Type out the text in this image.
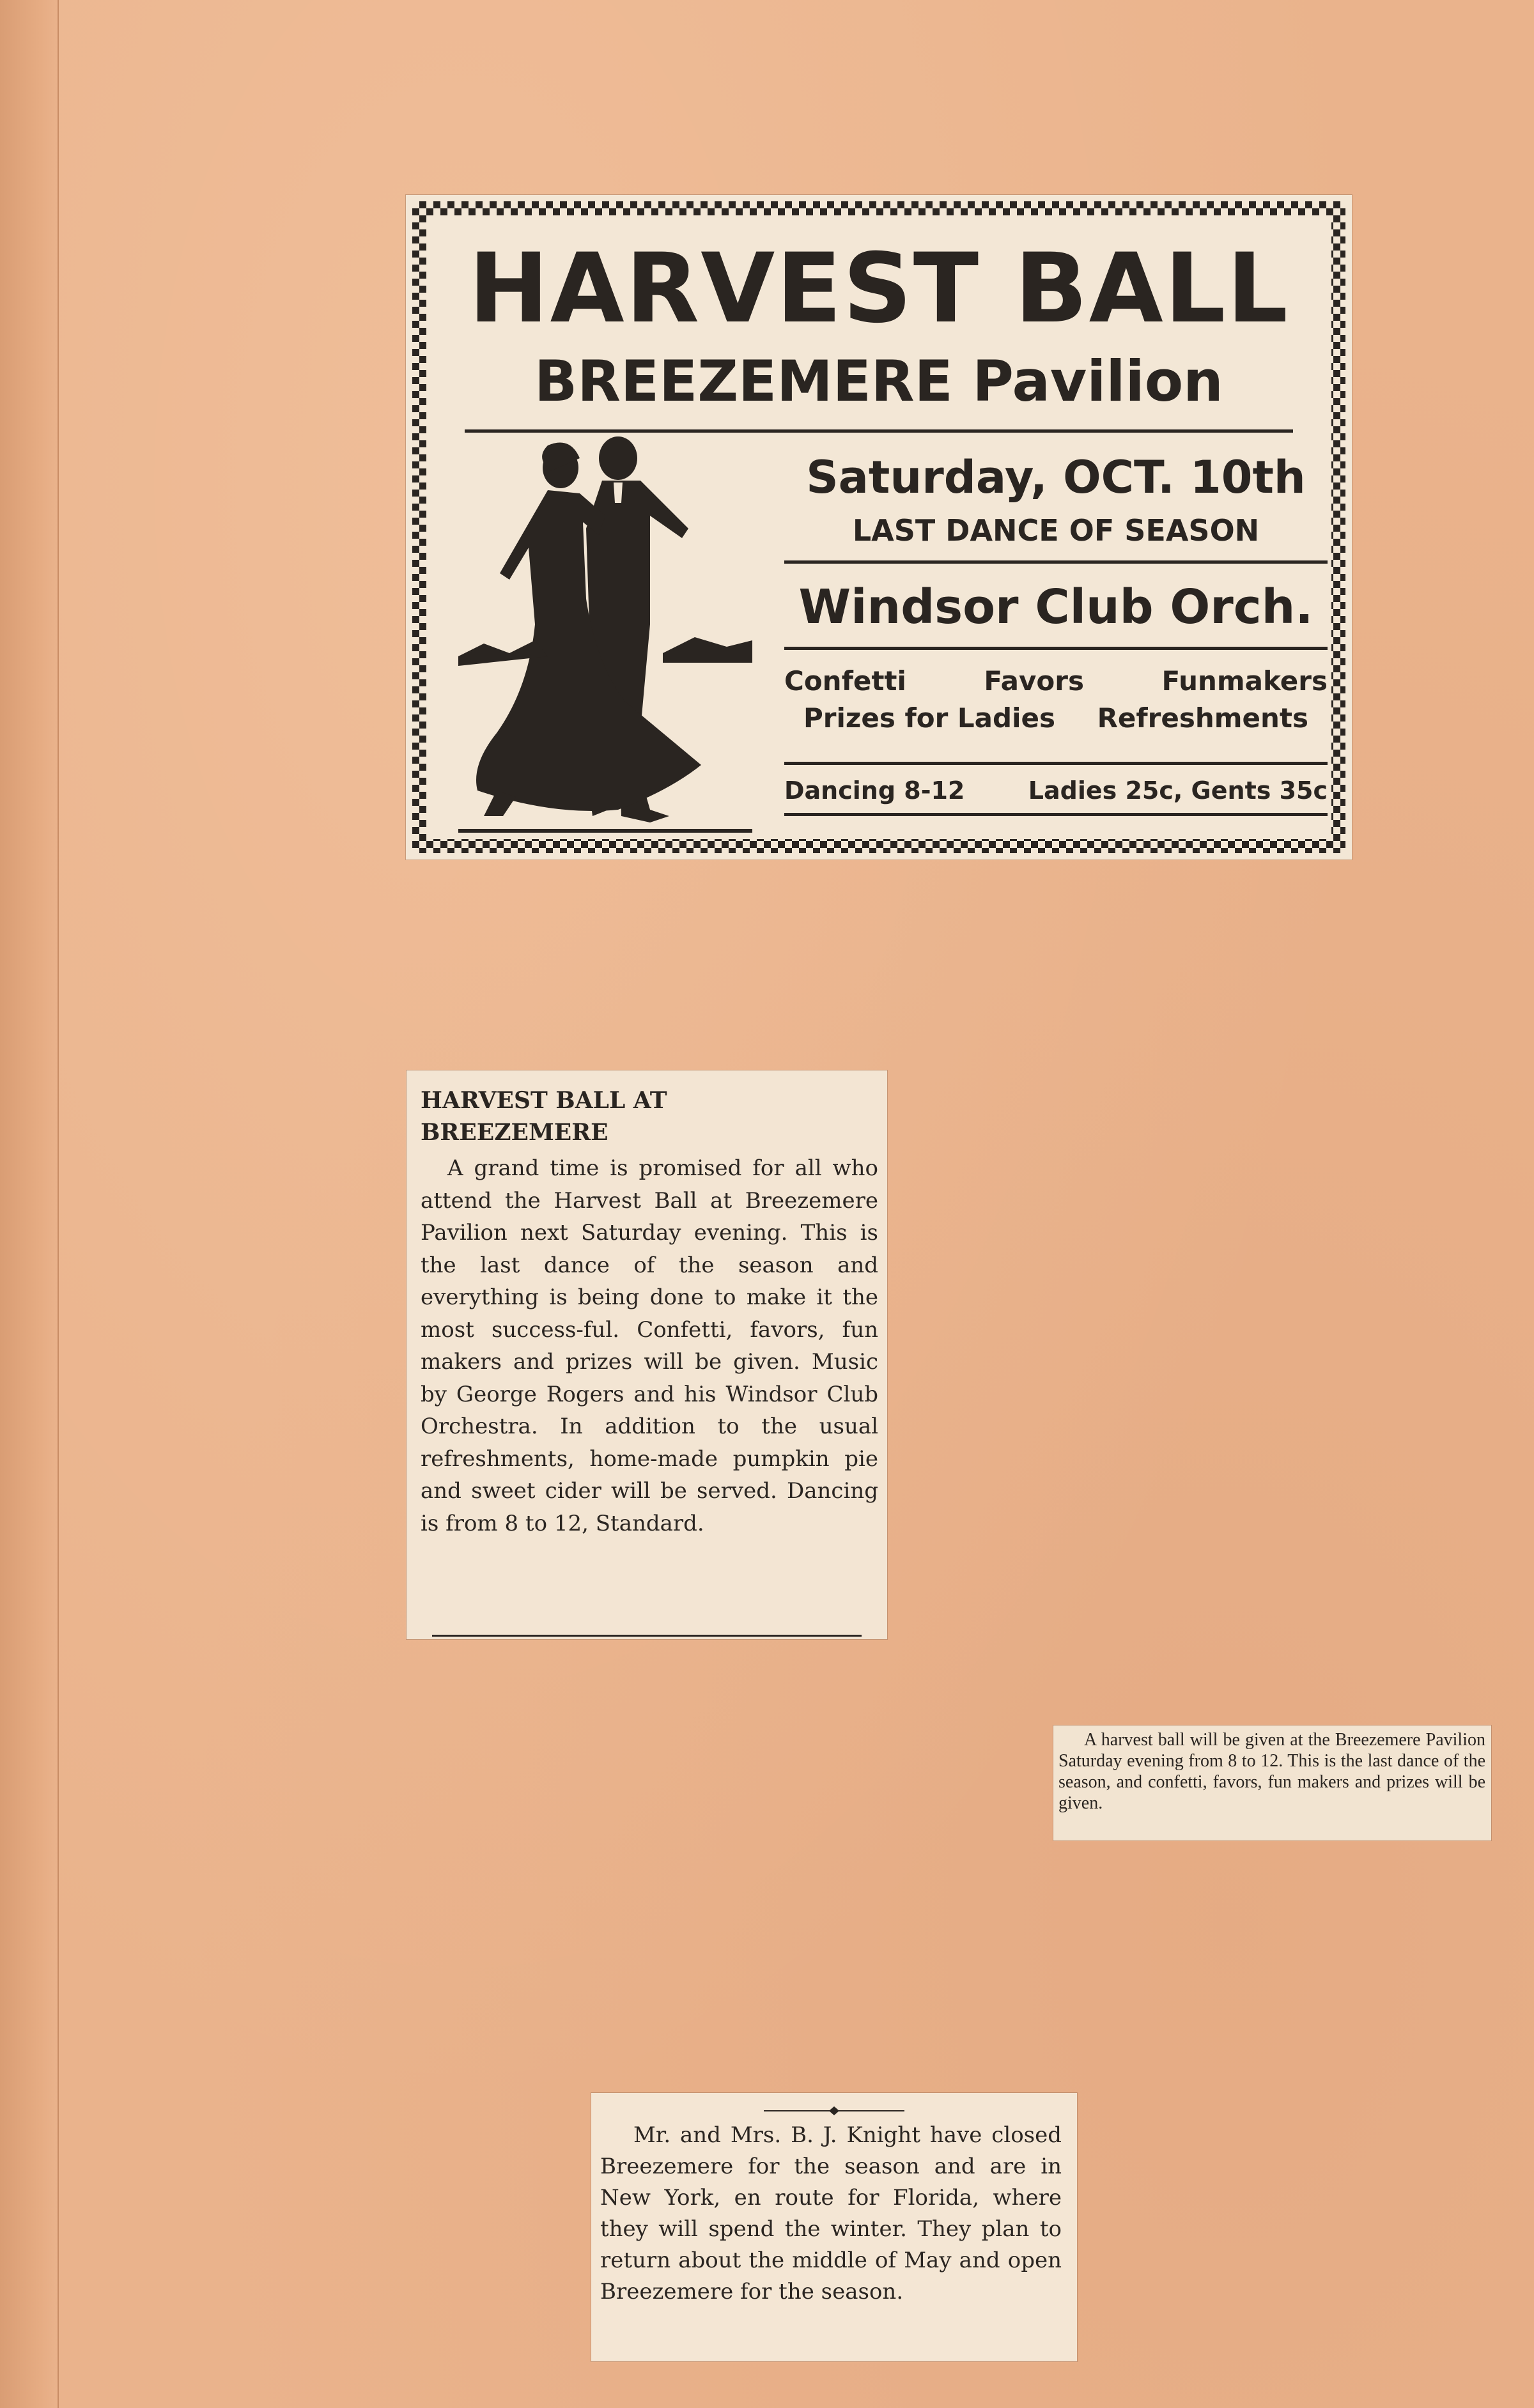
HARVEST BALL
BREEZEMERE Pavilion
Saturday, OCT. 10th
LAST DANCE OF SEASON
Windsor Club Orch.
Confetti	Favors	Funmakers
Prizes for Ladies Refreshments
Dancing 8-12	Ladies 25c, Gents 35c
HARVEST BALL AT
BREEZEMERE

A grand time is promised for all who attend the Harvest Ball at Breezemere Pavilion next Saturday evening. This is the last dance of the season and everything is being done to make it the most success-ful. Confetti, favors, fun makers and prizes will be given. Music by George Rogers and his Windsor Club Orchestra. In addition to the usual refreshments, home-made pumpkin pie and sweet cider will be served. Dancing is from 8 to 12, Standard.

A harvest ball will be given at the Breezemere Pavilion Saturday evening from 8 to 12. This is the last dance of the season, and confetti, favors, fun makers and prizes will be given.

Mr. and Mrs. B. J. Knight have closed Breezemere for the season and are in New York, en route for Florida, where they will spend the winter. They plan to return about the middle of May and open Breezemere for the season.
